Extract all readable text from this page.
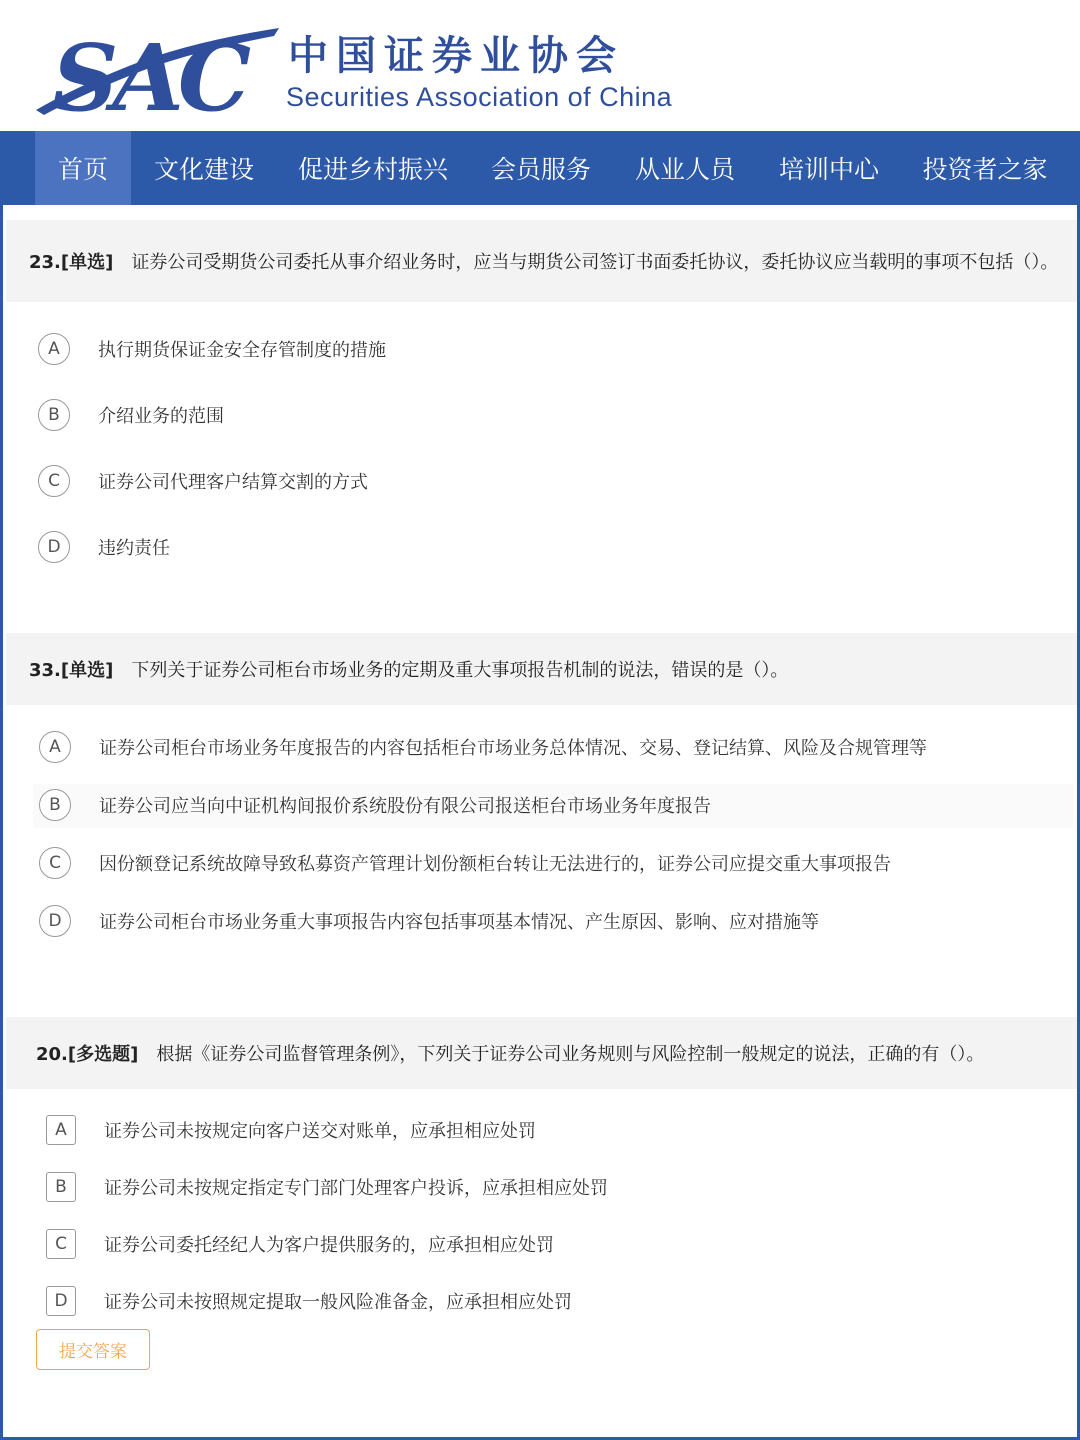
SAC 中国证券业协会
Securities Association of China
首页	文化建设	促进乡村振兴	会员服务	从业人员	培训中心	投资者之家
23.[单选] 证券公司受期货公司委托从事介绍业务时，应当与期货公司签订书面委托协议，委托协议应当载明的事项不包括（）。
A	执行期货保证金安全存管制度的措施
B	介绍业务的范围
C	证券公司代理客户结算交割的方式
D	违约责任
33.[单选] 下列关于证券公司柜台市场业务的定期及重大事项报告机制的说法，错误的是（）。
A	证券公司柜台市场业务年度报告的内容包括柜台市场业务总体情况、交易、登记结算、风险及合规管理等
B	证券公司应当向中证机构间报价系统股份有限公司报送柜台市场业务年度报告
C	因份额登记系统故障导致私募资产管理计划份额柜台转让无法进行的，证券公司应提交重大事项报告
D	证券公司柜台市场业务重大事项报告内容包括事项基本情况、产生原因、影响、应对措施等
20.[多选题] 根据《证券公司监督管理条例》，下列关于证券公司业务规则与风险控制一般规定的说法，正确的有（）。
A	证券公司未按规定向客户送交对账单，应承担相应处罚
B	证券公司未按规定指定专门部门处理客户投诉，应承担相应处罚
C	证券公司委托经纪人为客户提供服务的，应承担相应处罚
D	证券公司未按照规定提取一般风险准备金，应承担相应处罚
提交答案
